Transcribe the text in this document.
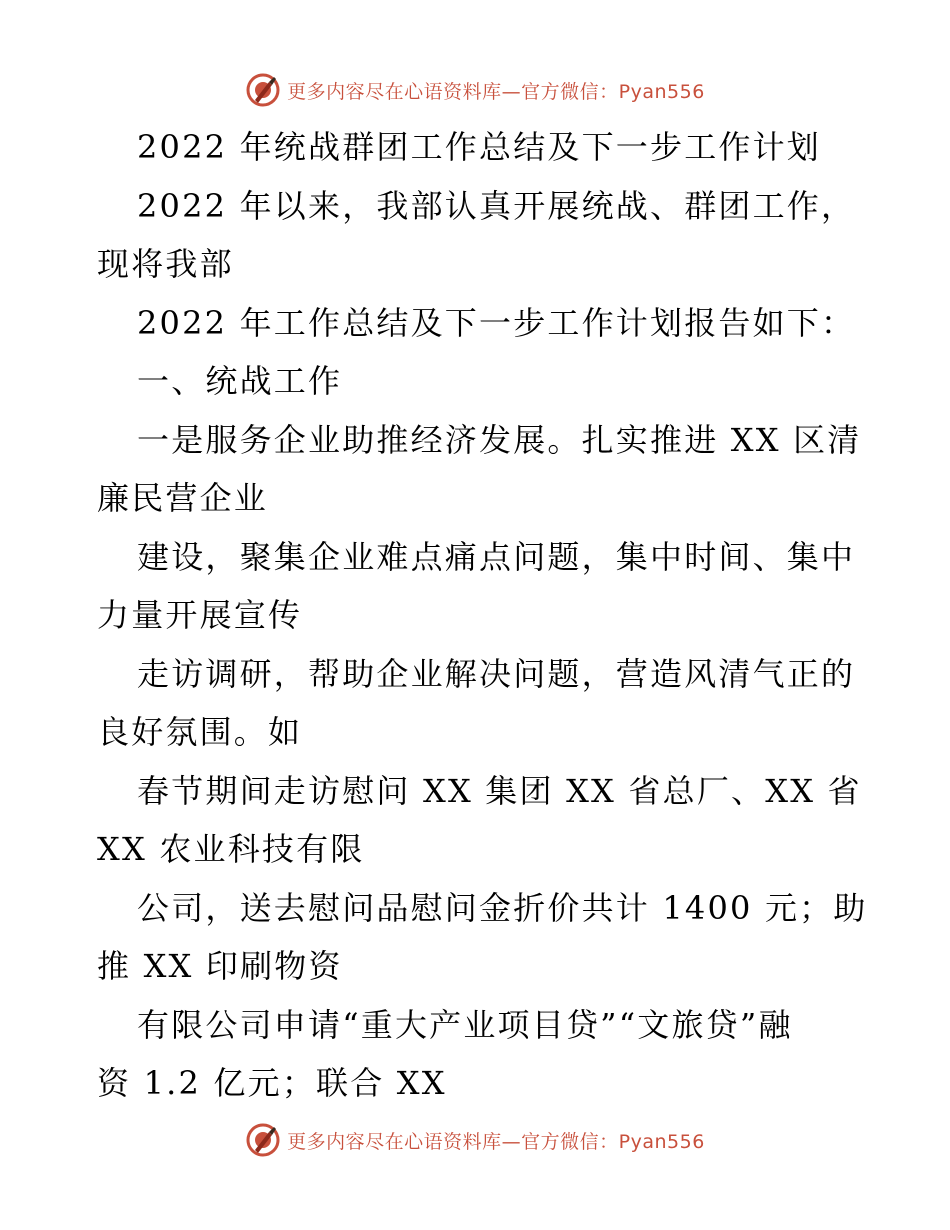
更多内容尽在心语资料库—官方微信：Pyan556
2022 年统战群团工作总结及下一步工作计划
2022 年以来，我部认真开展统战、群团工作，
现将我部
2022 年工作总结及下一步工作计划报告如下：
一、统战工作
一是服务企业助推经济发展。扎实推进 XX 区清
廉民营企业
建设，聚集企业难点痛点问题，集中时间、集中
力量开展宣传
走访调研，帮助企业解决问题，营造风清气正的
良好氛围。如
春节期间走访慰问 XX 集团 XX 省总厂、XX 省
XX 农业科技有限
公司，送去慰问品慰问金折价共计 1400 元；助
推 XX 印刷物资
有限公司申请“重大产业项目贷”“文旅贷”融
资 1.2 亿元；联合 XX
更多内容尽在心语资料库—官方微信：Pyan556
